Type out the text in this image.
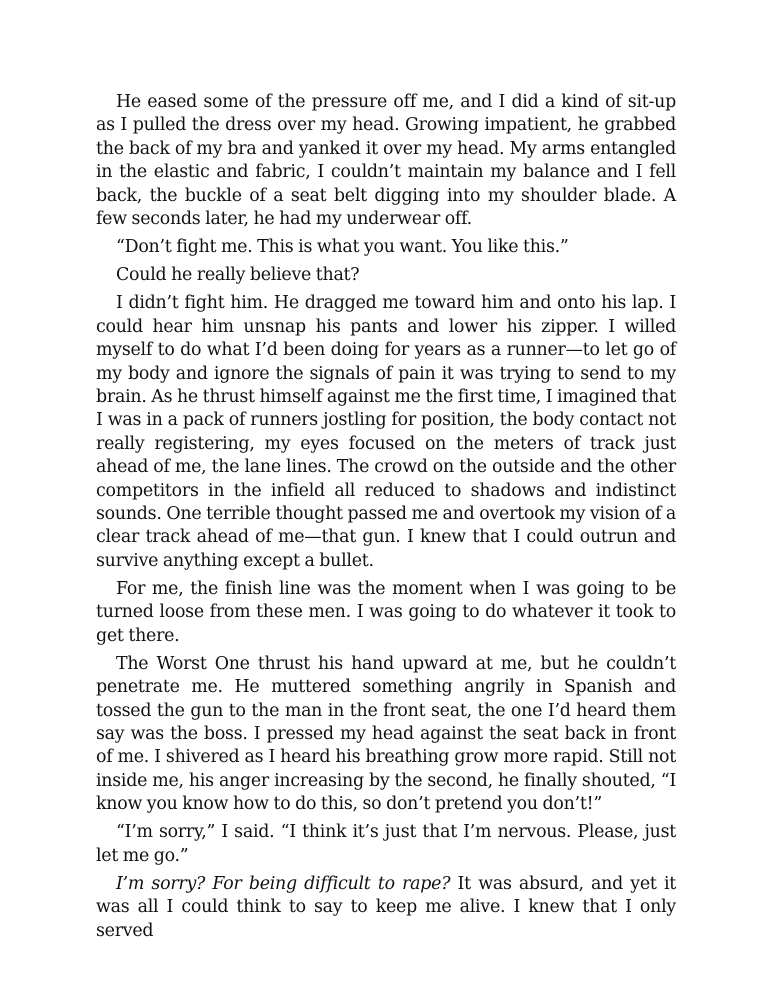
He eased some of the pressure off me, and I did a kind of sit-up as I pulled the dress over my head. Growing impatient, he grabbed the back of my bra and yanked it over my head. My arms entangled in the elastic and fabric, I couldn’t maintain my balance and I fell back, the buckle of a seat belt digging into my shoulder blade. A few seconds later, he had my underwear off.

“Don’t fight me. This is what you want. You like this.”

Could he really believe that?

I didn’t fight him. He dragged me toward him and onto his lap. I could hear him unsnap his pants and lower his zipper. I willed myself to do what I’d been doing for years as a runner—to let go of my body and ignore the signals of pain it was trying to send to my brain. As he thrust himself against me the first time, I imagined that I was in a pack of runners jostling for position, the body contact not really registering, my eyes focused on the meters of track just ahead of me, the lane lines. The crowd on the outside and the other competitors in the infield all reduced to shadows and indistinct sounds. One terrible thought passed me and overtook my vision of a clear track ahead of me—that gun. I knew that I could outrun and survive anything except a bullet.

For me, the finish line was the moment when I was going to be turned loose from these men. I was going to do whatever it took to get there.

The Worst One thrust his hand upward at me, but he couldn’t penetrate me. He muttered something angrily in Spanish and tossed the gun to the man in the front seat, the one I’d heard them say was the boss. I pressed my head against the seat back in front of me. I shivered as I heard his breathing grow more rapid. Still not inside me, his anger increasing by the second, he finally shouted, “I know you know how to do this, so don’t pretend you don’t!”

“I’m sorry,” I said. “I think it’s just that I’m nervous. Please, just let me go.”

I’m sorry? For being difficult to rape? It was absurd, and yet it was all I could think to say to keep me alive. I knew that I only served
